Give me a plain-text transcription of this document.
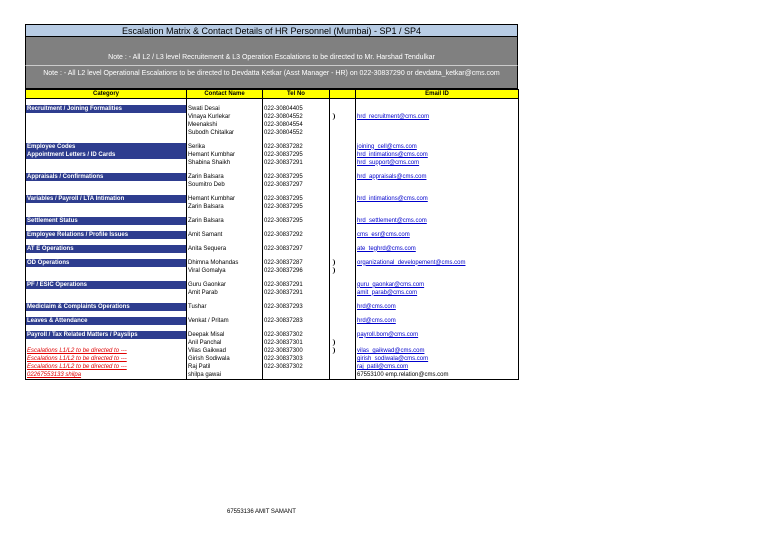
Escalation Matrix & Contact Details of HR Personnel (Mumbai) - SP1 / SP4
Note : - All L2 / L3 level Recruitement & L3 Operation Escalations to be directed to Mr. Harshad Tendulkar
Note : - All L2 level Operational Escalations to be directed to Devdatta Ketkar (Asst Manager - HR) on 022-30837290 or devdatta_ketkar@cms.com
Category	Contact Name	Tel No		Email ID

Recruitment / Joining Formalities	Swati Desai	022-30804405		
	Vinaya Kurlekar	022-30804552		hrd_recruitment@cms.com
	Meenakshi	022-30804554		
	Subodh Chitalkar	022-30804552		

Employee Codes	Serika	022-30837282		joining_cell@cms.com
Appointment Letters / ID Cards	Hemant Kumbhar	022-30837295		hrd_intimations@cms.com
	Shabina Shaikh	022-30837291		hrd_support@cms.com

Appraisals / Confirmations	Zarin Balsara	022-30837295		hrd_appraisals@cms.com
	Soumitro Deb	022-30837297		

Variables / Payroll / LTA Intimation	Hemant Kumbhar	022-30837295		hrd_intimations@cms.com
	Zarin Balsara	022-30837295		

Settlement Status	Zarin Balsara	022-30837295		hrd_settlement@cms.com

Employee Relations / Profile Issues	Amit Samant	022-30837292		cms_esr@cms.com

AT E Operations	Anita Sequera	022-30837297		ate_teghrd@cms.com

OD Operations	Dhimna Mohandas	022-30837287		organizational_developement@cms.com
	Viral Gomalya	022-30837296		

PF / ESIC Operations	Guru Gaonkar	022-30837291		guru_gaonkar@cms.com
	Amit Parab	022-30837291		amit_parab@cms.com

Mediclaim & Complaints Operations	Tushar	022-30837293		hrd@cms.com

Leaves & Attendance	Venkat / Pritam	022-30837283		hrd@cms.com

Payroll / Tax Related Matters / Payslips	Deepak Misal	022-30837302		payroll.bom@cms.com
	Anil Panchal	022-30837301		
Escalations L1/L2 to be directed to ---	Vilas Gaikwad	022-30837300		vilas_gaikwad@cms.com
Escalations L1/L2 to be directed to ---	Girish Sodiwala	022-30837303		girish_sodiwala@cms.com
Escalations L1/L2 to be directed to ---	Raj Patil	022-30837302		raj_patil@cms.com
02267553133 shilpa	shilpa gawai			67553100 emp.relation@cms.com
67553136 AMIT SAMANT
